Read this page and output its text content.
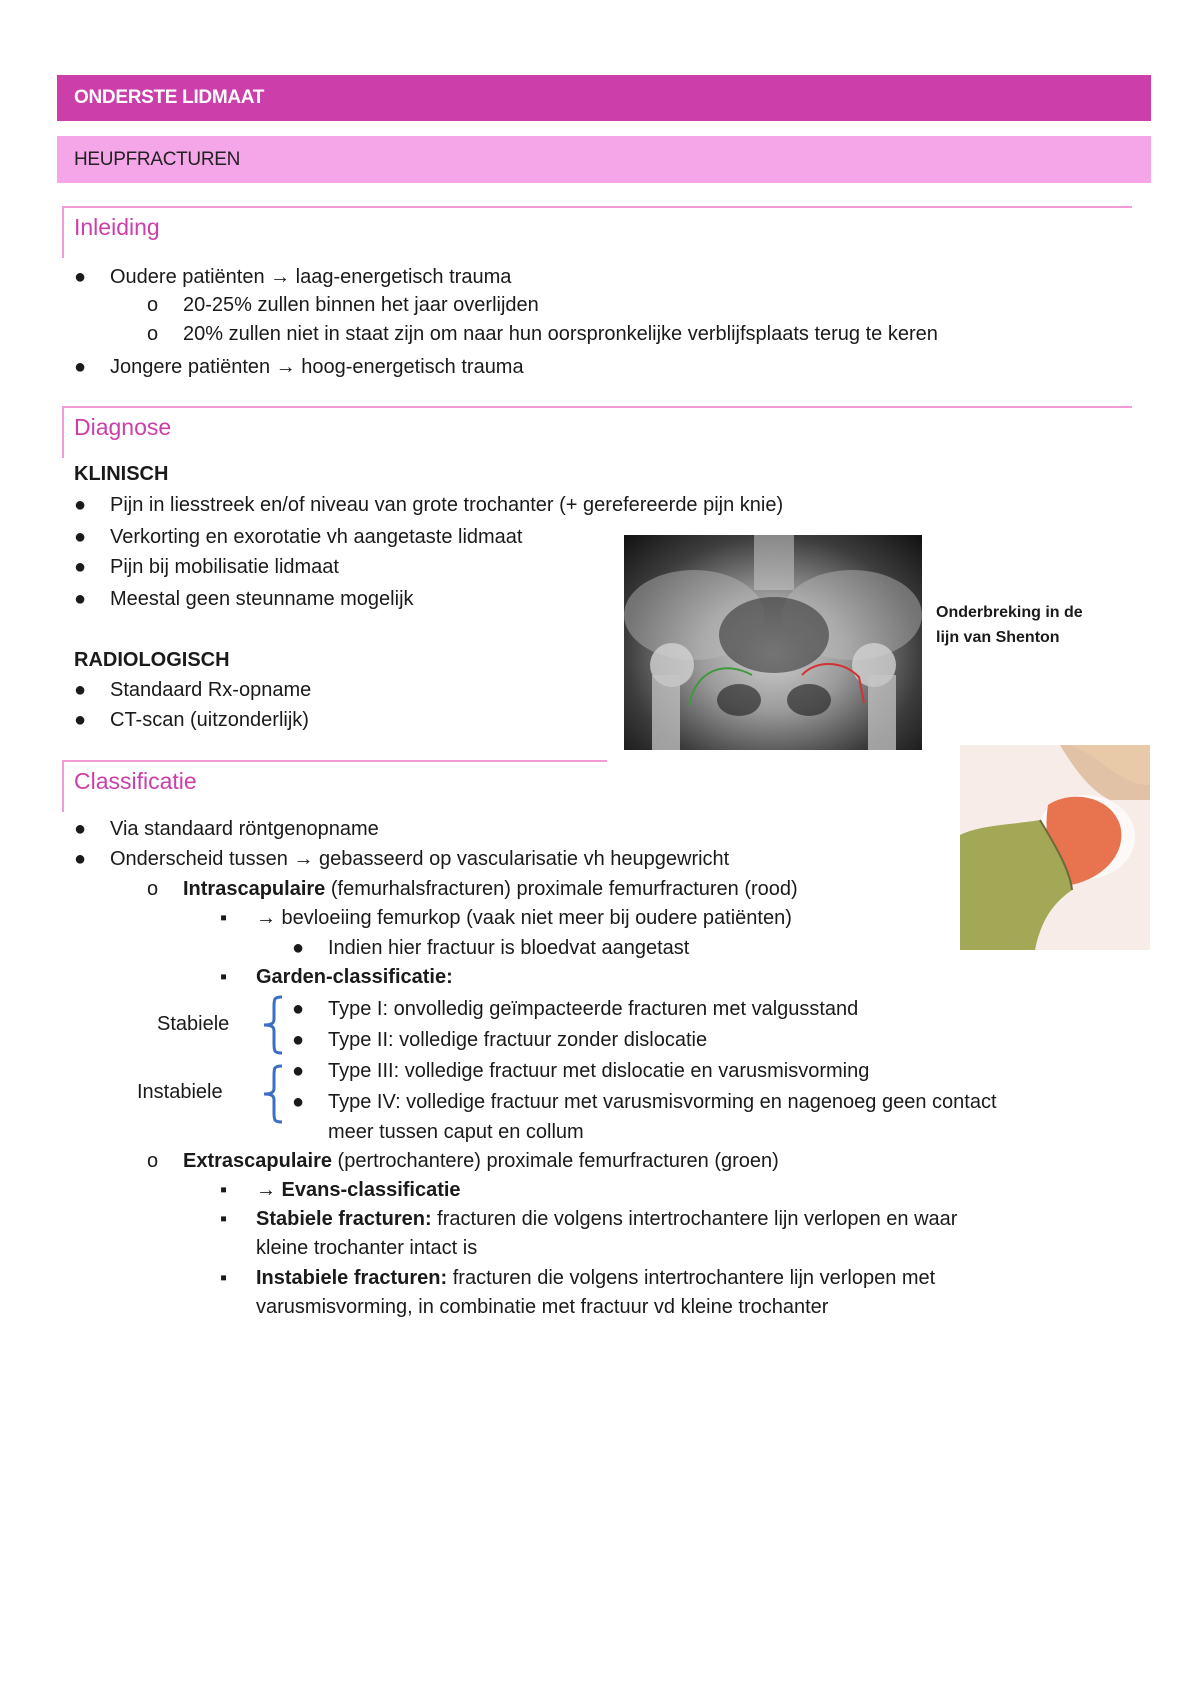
ONDERSTE LIDMAAT
HEUPFRACTUREN
Inleiding
● Oudere patiënten → laag-energetisch trauma
o 20-25% zullen binnen het jaar overlijden
o 20% zullen niet in staat zijn om naar hun oorspronkelijke verblijfsplaats terug te keren
● Jongere patiënten → hoog-energetisch trauma
Diagnose
KLINISCH
● Pijn in liesstreek en/of niveau van grote trochanter (+ gerefereerde pijn knie)
● Verkorting en exorotatie vh aangetaste lidmaat
● Pijn bij mobilisatie lidmaat
● Meestal geen steunname mogelijk
RADIOLOGISCH
● Standaard Rx-opname
● CT-scan (uitzonderlijk)
Onderbreking in de
lijn van Shenton
Classificatie
● Via standaard röntgenopname
● Onderscheid tussen → gebasseerd op vascularisatie vh heupgewricht
o Intrascapulaire (femurhalsfracturen) proximale femurfracturen (rood)
▪ → bevloeiing femurkop (vaak niet meer bij oudere patiënten)
● Indien hier fractuur is bloedvat aangetast
▪ Garden-classificatie:
Stabiele
● Type I: onvolledig geïmpacteerde fracturen met valgusstand
● Type II: volledige fractuur zonder dislocatie
Instabiele
● Type III: volledige fractuur met dislocatie en varusmisvorming
● Type IV: volledige fractuur met varusmisvorming en nagenoeg geen contact
meer tussen caput en collum
o Extrascapulaire (pertrochantere) proximale femurfracturen (groen)
▪ → Evans-classificatie
▪ Stabiele fracturen: fracturen die volgens intertrochantere lijn verlopen en waar
kleine trochanter intact is
▪ Instabiele fracturen: fracturen die volgens intertrochantere lijn verlopen met
varusmisvorming, in combinatie met fractuur vd kleine trochanter
